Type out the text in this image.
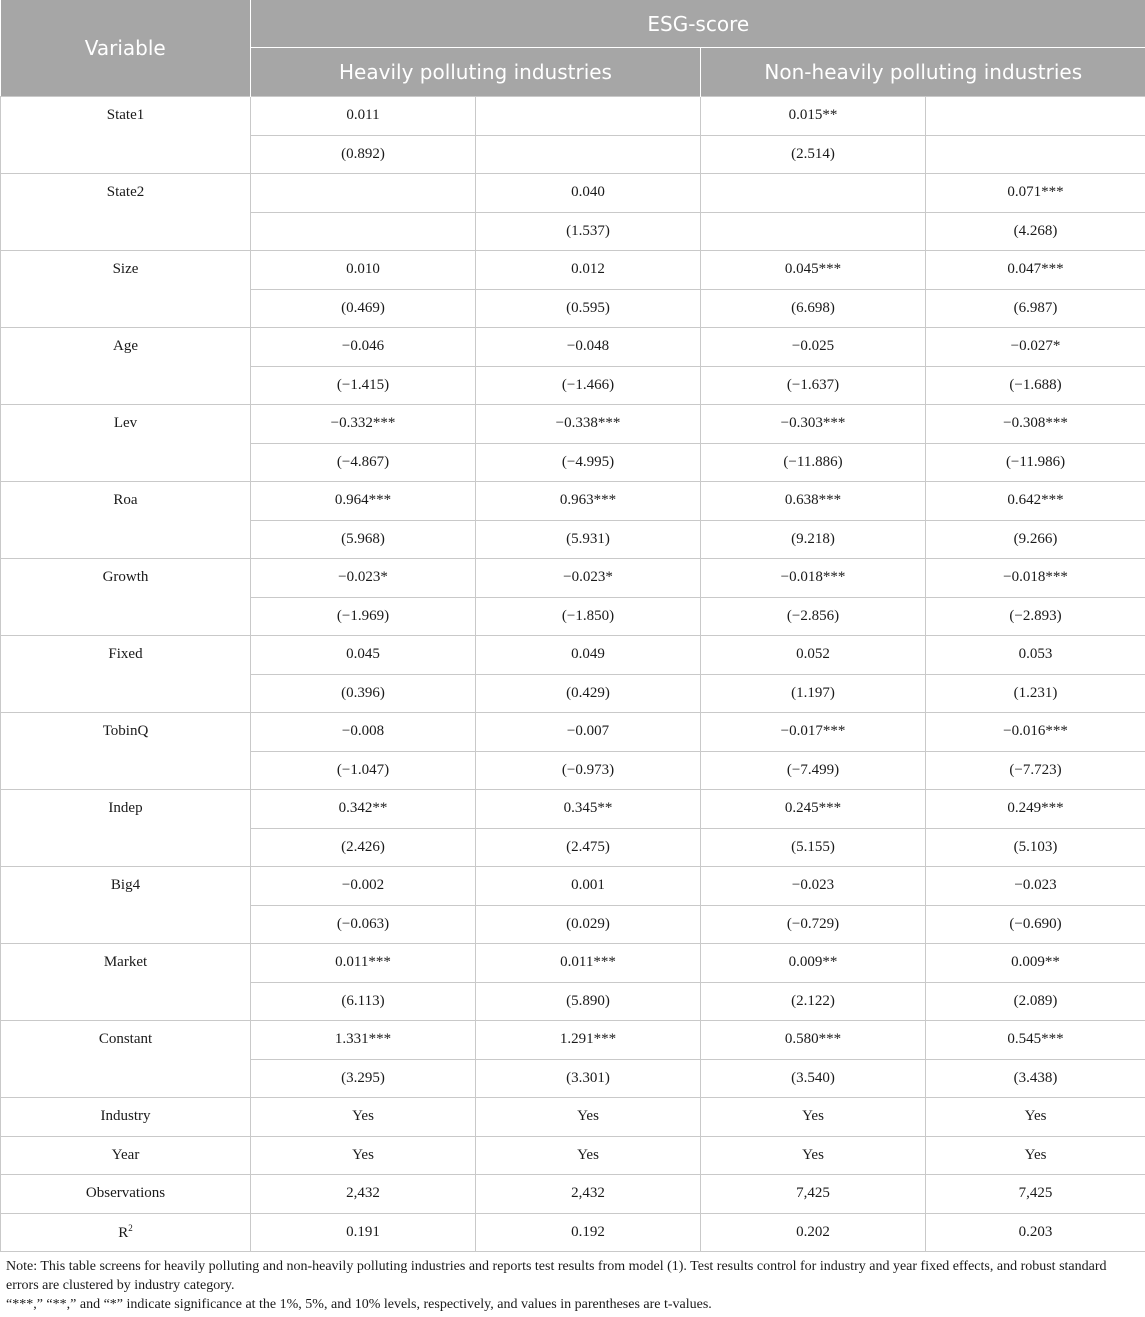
Variable	ESG-score			
	Heavily polluting industries		Non-heavily polluting industries	
State1	0.011		0.015**	
	(0.892)		(2.514)	
State2		0.040		0.071***
		(1.537)		(4.268)
Size	0.010	0.012	0.045***	0.047***
	(0.469)	(0.595)	(6.698)	(6.987)
Age	−0.046	−0.048	−0.025	−0.027*
	(−1.415)	(−1.466)	(−1.637)	(−1.688)
Lev	−0.332***	−0.338***	−0.303***	−0.308***
	(−4.867)	(−4.995)	(−11.886)	(−11.986)
Roa	0.964***	0.963***	0.638***	0.642***
	(5.968)	(5.931)	(9.218)	(9.266)
Growth	−0.023*	−0.023*	−0.018***	−0.018***
	(−1.969)	(−1.850)	(−2.856)	(−2.893)
Fixed	0.045	0.049	0.052	0.053
	(0.396)	(0.429)	(1.197)	(1.231)
TobinQ	−0.008	−0.007	−0.017***	−0.016***
	(−1.047)	(−0.973)	(−7.499)	(−7.723)
Indep	0.342**	0.345**	0.245***	0.249***
	(2.426)	(2.475)	(5.155)	(5.103)
Big4	−0.002	0.001	−0.023	−0.023
	(−0.063)	(0.029)	(−0.729)	(−0.690)
Market	0.011***	0.011***	0.009**	0.009**
	(6.113)	(5.890)	(2.122)	(2.089)
Constant	1.331***	1.291***	0.580***	0.545***
	(3.295)	(3.301)	(3.540)	(3.438)
Industry	Yes	Yes	Yes	Yes
Year	Yes	Yes	Yes	Yes
Observations	2,432	2,432	7,425	7,425
$R^2$	0.191	0.192	0.202	0.203

Note: This table screens for heavily polluting and non-heavily polluting industries and reports test results from model (1). Test results control for industry and year fixed effects, and robust standard errors are clustered by industry category.

“***,” “**,” and “*” indicate significance at the 1%, 5%, and 10% levels, respectively, and values in parentheses are t-values.
